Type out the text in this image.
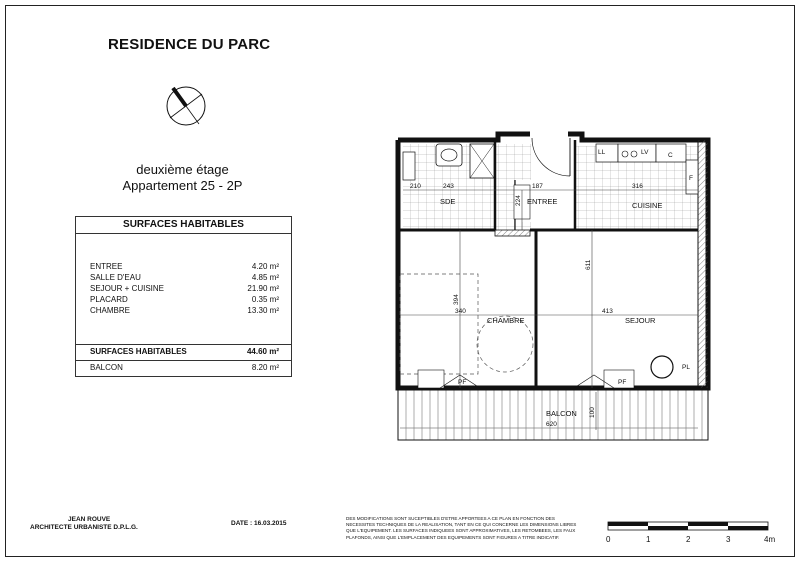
RESIDENCE DU PARC
deuxième étage
Appartement 25 - 2P
SURFACES HABITABLES
ENTREE	4.20 m²
SALLE D'EAU	4.85 m²
SEJOUR + CUISINE	21.90 m²
PLACARD	0.35 m²
CHAMBRE	13.30 m²
SURFACES HABITABLES	44.60 m²
BALCON	8.20 m²
SDE	ENTREE	CUISINE
CHAMBRE	SEJOUR
BALCON
LL	LV	C
F
PL
PF	PF
210	243	187	316
224
611
394
340	413
100
620
JEAN ROUVE
ARCHITECTE URBANISTE D.P.L.G.
DATE : 16.03.2015
DES MODIFICATIONS SONT SUCEPTIBLES D'ETRE APPORTEES A CE PLAN EN FONCTION DES NECESSITES TECHNIQUES DE LA REALISATION, TANT EN CE QUI CONCERNE LES DIMENSIONS LIBRES QUE L'EQUIPEMENT. LES SURFACES INDIQUEES SONT APPROXIMATIVES, LES RETOMBEES, LES FAUX PLAFONDS, AINSI QUE L'EMPLACEMENT DES EQUIPEMENTS SONT FIGURES A TITRE INDICATIF.	0	1	2	3	4m
